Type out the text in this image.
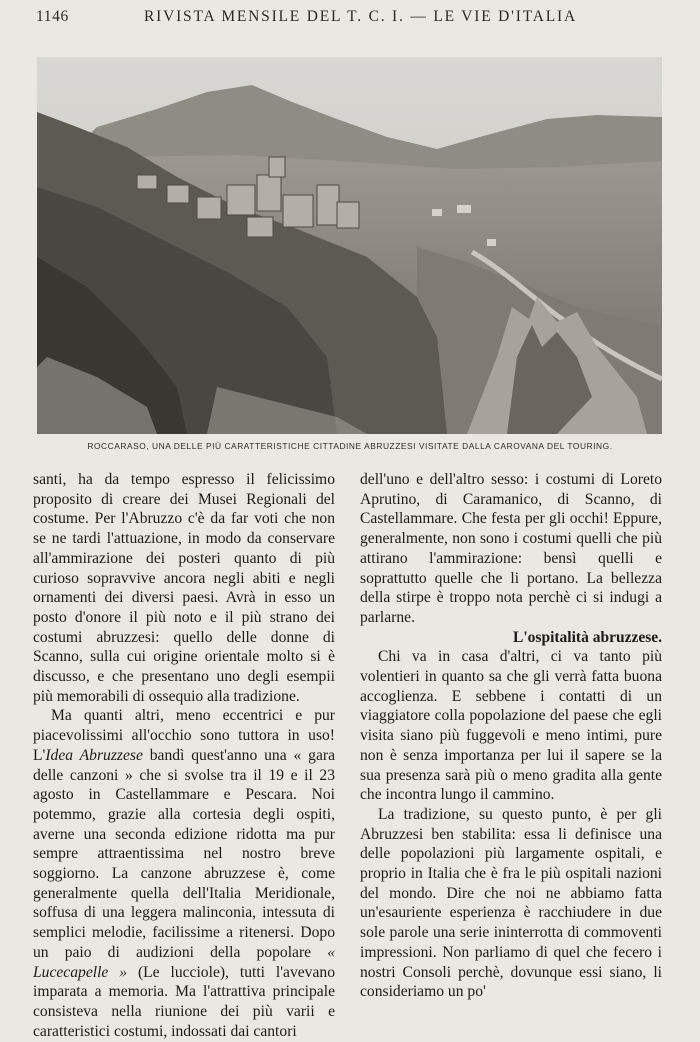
1146	RIVISTA MENSILE DEL T. C. I. — LE VIE D'ITALIA
ROCCARASO, UNA DELLE PIÙ CARATTERISTICHE CITTADINE ABRUZZESI VISITATE DALLA CAROVANA DEL TOURING.

santi, ha da tempo espresso il felicissimo proposito di creare dei Musei Regionali del costume. Per l'Abruzzo c'è da far voti che non se ne tardi l'attuazione, in modo da conservare all'ammirazione dei posteri quanto di più curioso sopravvive ancora negli abiti e negli ornamenti dei diversi paesi. Avrà in esso un posto d'onore il più noto e il più strano dei costumi abruzzesi: quello delle donne di Scanno, sulla cui origine orientale molto si è discusso, e che presentano uno degli esempii più memorabili di ossequio alla tradizione.

Ma quanti altri, meno eccentrici e pur piacevolissimi all'occhio sono tuttora in uso! L'Idea Abruzzese bandì quest'anno una « gara delle canzoni » che si svolse tra il 19 e il 23 agosto in Castellammare e Pescara. Noi potemmo, grazie alla cortesia degli ospiti, averne una seconda edizione ridotta ma pur sempre attraentissima nel nostro breve soggiorno. La canzone abruzzese è, come generalmente quella dell'Italia Meridionale, soffusa di una leggera malinconia, intessuta di semplici melodie, facilissime a ritenersi. Dopo un paio di audizioni della popolare « Lucecapelle » (Le lucciole), tutti l'avevano imparata a memoria. Ma l'attrattiva principale consisteva nella riunione dei più varii e caratteristici costumi, indossati dai cantori

dell'uno e dell'altro sesso: i costumi di Loreto Aprutino, di Caramanico, di Scanno, di Castellammare. Che festa per gli occhi! Eppure, generalmente, non sono i costumi quelli che più attirano l'ammirazione: bensì quelli e soprattutto quelle che li portano. La bellezza della stirpe è troppo nota perchè ci si indugi a parlarne.

L'ospitalità abruzzese.

Chi va in casa d'altri, ci va tanto più volentieri in quanto sa che gli verrà fatta buona accoglienza. E sebbene i contatti di un viaggiatore colla popolazione del paese che egli visita siano più fuggevoli e meno intimi, pure non è senza importanza per lui il sapere se la sua presenza sarà più o meno gradita alla gente che incontra lungo il cammino.

La tradizione, su questo punto, è per gli Abruzzesi ben stabilita: essa li definisce una delle popolazioni più largamente ospitali, e proprio in Italia che è fra le più ospitali nazioni del mondo. Dire che noi ne abbiamo fatta un'esauriente esperienza è racchiudere in due sole parole una serie ininterrotta di commoventi impressioni. Non parliamo di quel che fecero i nostri Consoli perchè, dovunque essi siano, li consideriamo un po'
